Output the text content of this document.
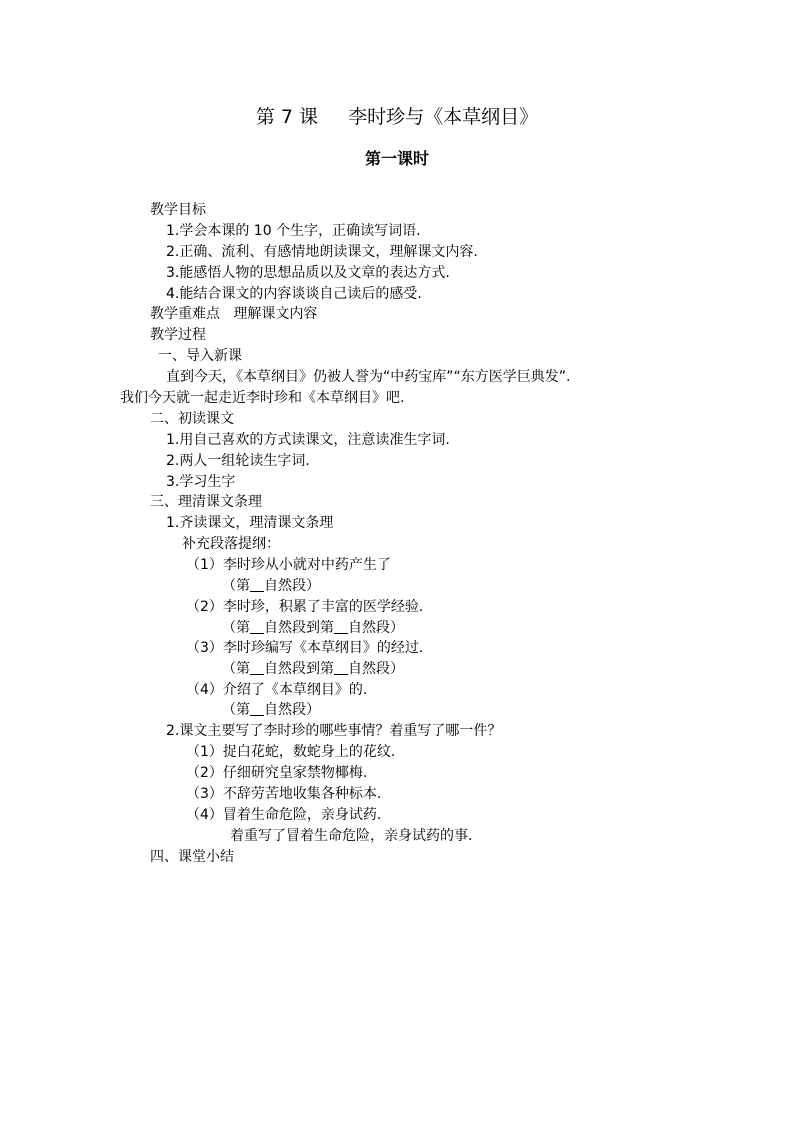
第 7 课     李时珍与《本草纲目》
第一课时
教学目标
1.学会本课的 10 个生字，正确读写词语.
2.正确、流利、有感情地朗读课文，理解课文内容.
3.能感悟人物的思想品质以及文章的表达方式.
4.能结合课文的内容谈谈自己读后的感受.
教学重难点   理解课文内容
教学过程
一、导入新课
直到今天，《本草纲目》仍被人誉为“中药宝库”“东方医学巨典发”.
我们今天就一起走近李时珍和《本草纲目》吧.
二、初读课文
1.用自己喜欢的方式读课文，注意读准生字词.
2.两人一组轮读生字词.
3.学习生字
三、理清课文条理
1.齐读课文，理清课文条理
补充段落提纲：
（1）李时珍从小就对中药产生了
（第 自然段）
（2）李时珍，积累了丰富的医学经验.
（第 自然段到第 自然段）
（3）李时珍编写《本草纲目》的经过.
（第 自然段到第 自然段）
（4）介绍了《本草纲目》的.
（第 自然段）
2.课文主要写了李时珍的哪些事情？着重写了哪一件？
（1）捉白花蛇，数蛇身上的花纹.
（2）仔细研究皇家禁物椰梅.
（3）不辞劳苦地收集各种标本.
（4）冒着生命危险，亲身试药.
着重写了冒着生命危险，亲身试药的事.
四、课堂小结
